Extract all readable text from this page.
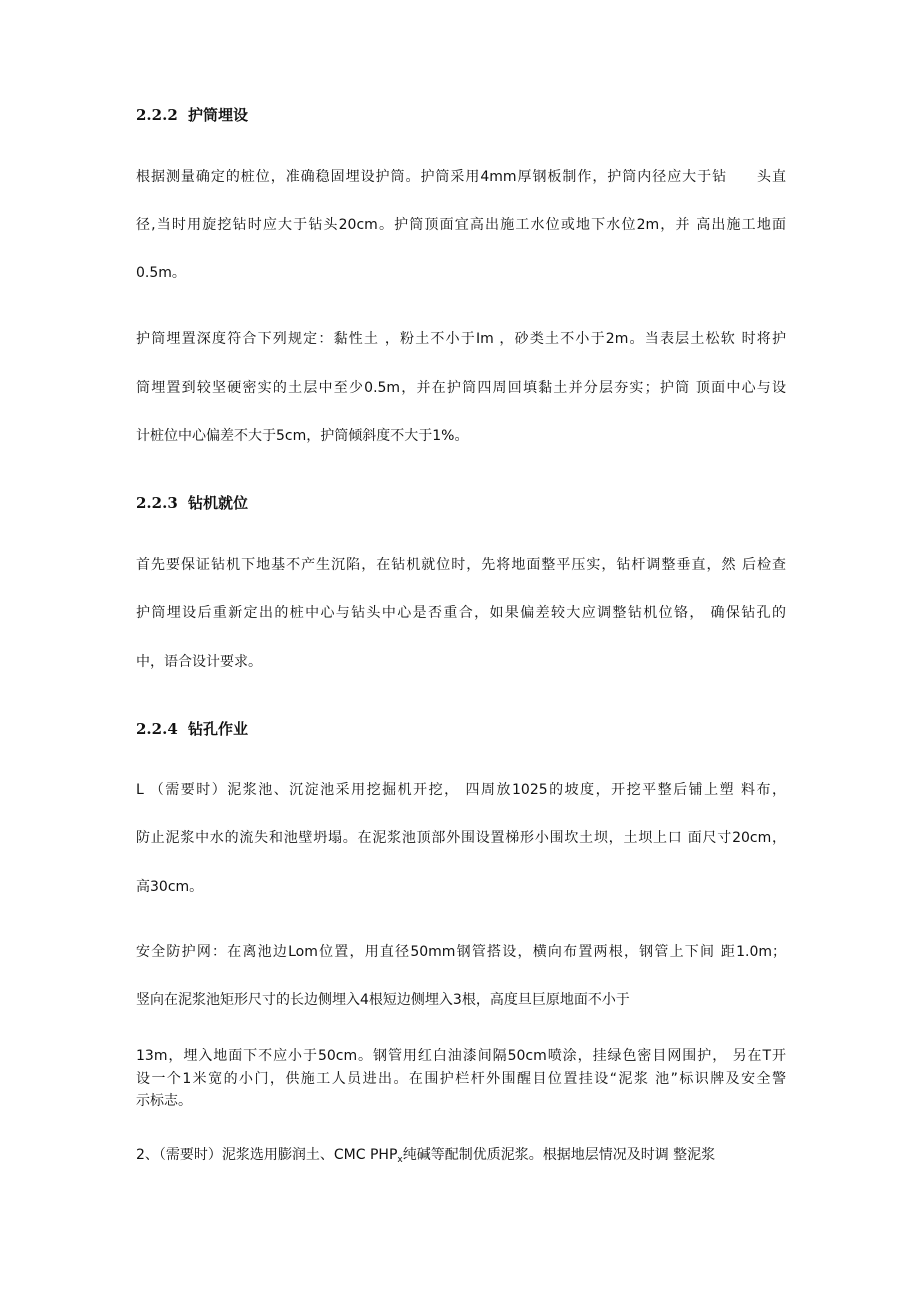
2.2.2 护筒埋设
根据测量确定的桩位，准确稳固埋设护筒。护筒采用4mm厚钢板制作，护筒内径应大于钻　　头直
径,当时用旋挖钻时应大于钻头20cm。护筒顶面宜高出施工水位或地下水位2m，并 高出施工地面
0.5m。
护筒埋置深度符合下列规定：黏性土 ，粉土不小于Im ，砂类土不小于2m。当表层土松软 时将护
筒埋置到较坚硬密实的土层中至少0.5m，并在护筒四周回填黏土并分层夯实；护筒 顶面中心与设
计桩位中心偏差不大于5cm，护筒倾斜度不大于1%。
2.2.3 钻机就位
首先要保证钻机下地基不产生沉陷，在钻机就位时，先将地面整平压实，钻杆调整垂直，然 后检查
护筒埋设后重新定出的桩中心与钻头中心是否重合，如果偏差较大应调整钻机位铬， 确保钻孔的
中，语合设计要求。
2.2.4 钻孔作业
L （需要时）泥浆池、沉淀池采用挖掘机开挖， 四周放1025的坡度，开挖平整后铺上塑 料布，
防止泥浆中水的流失和池壁坍塌。在泥浆池顶部外围设置梯形小围坎土坝，土坝上口 面尺寸20cm，
高30cm。
安全防护网：在离池边Lom位置，用直径50mm钢管搭设，横向布置两根，钢管上下间 距1.0m；
竖向在泥浆池矩形尺寸的长边侧埋入4根短边侧埋入3根，高度旦巨原地面不小于
13m，埋入地面下不应小于50cm。钢管用红白油漆间隔50cm喷涂，挂绿色密目网围护， 另在T开
设一个1米宽的小门，供施工人员进出。在围护栏杆外围醒目位置挂设“泥浆 池”标识牌及安全警
示标志。
2、（需要时）泥浆选用膨润土、CMC $PHP_x$纯碱等配制优质泥浆。根据地层情况及时调 整泥浆
